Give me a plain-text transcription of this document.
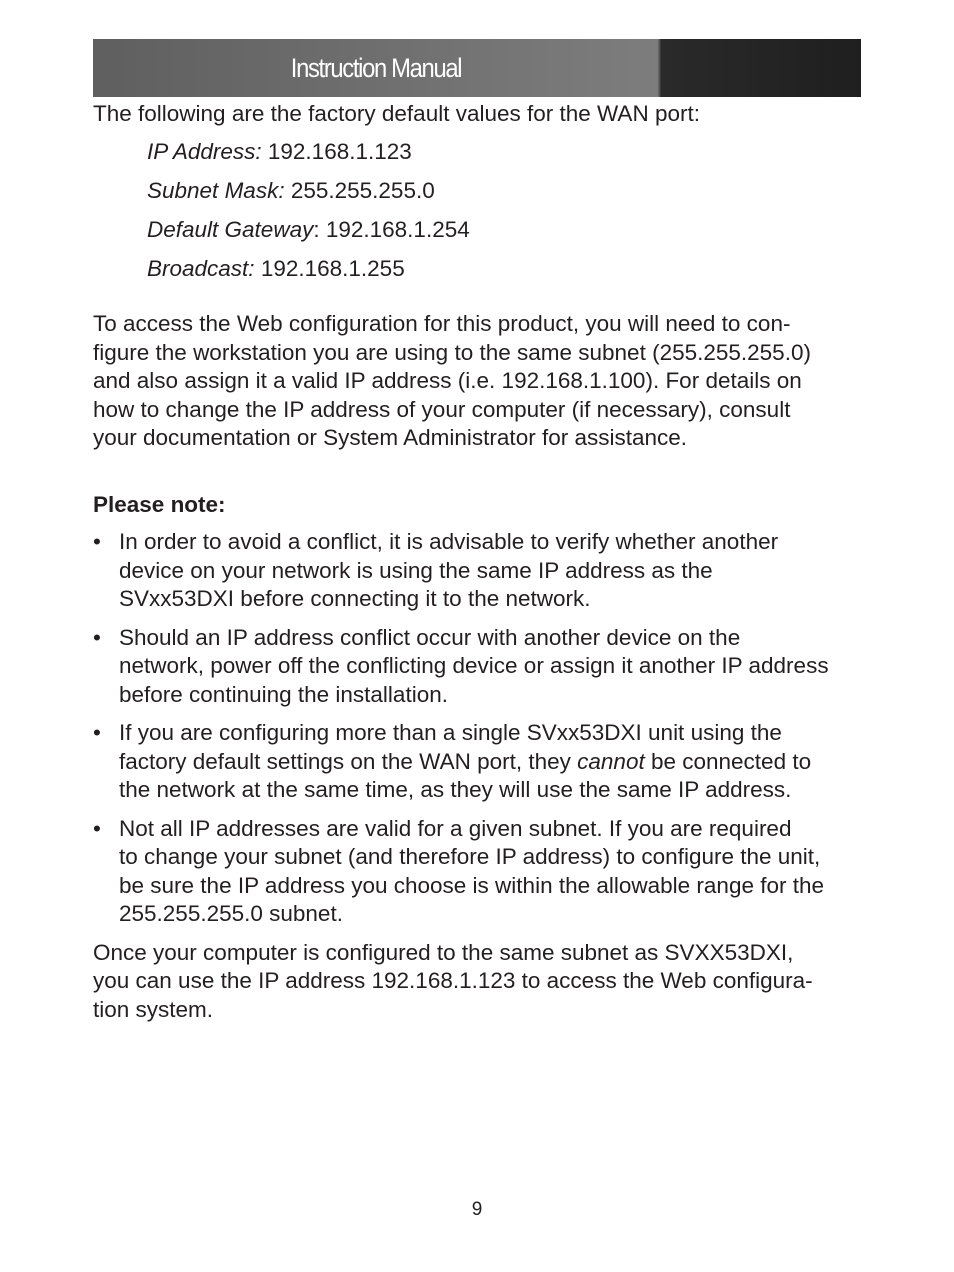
Instruction Manual

The following are the factory default values for the WAN port:

IP Address: 192.168.1.123
Subnet Mask: 255.255.255.0
Default Gateway: 192.168.1.254
Broadcast: 192.168.1.255

To access the Web configuration for this product, you will need to con-
figure the workstation you are using to the same subnet (255.255.255.0)
and also assign it a valid IP address (i.e. 192.168.1.100). For details on
how to change the IP address of your computer (if necessary), consult
your documentation or System Administrator for assistance.

Please note:

• In order to avoid a conflict, it is advisable to verify whether another
device on your network is using the same IP address as the
SVxx53DXI before connecting it to the network.
• Should an IP address conflict occur with another device on the
network, power off the conflicting device or assign it another IP address
before continuing the installation.
• If you are configuring more than a single SVxx53DXI unit using the
factory default settings on the WAN port, they cannot be connected to
the network at the same time, as they will use the same IP address.
• Not all IP addresses are valid for a given subnet. If you are required
to change your subnet (and therefore IP address) to configure the unit,
be sure the IP address you choose is within the allowable range for the
255.255.255.0 subnet.

Once your computer is configured to the same subnet as SVXX53DXI,
you can use the IP address 192.168.1.123 to access the Web configura-
tion system.

9
